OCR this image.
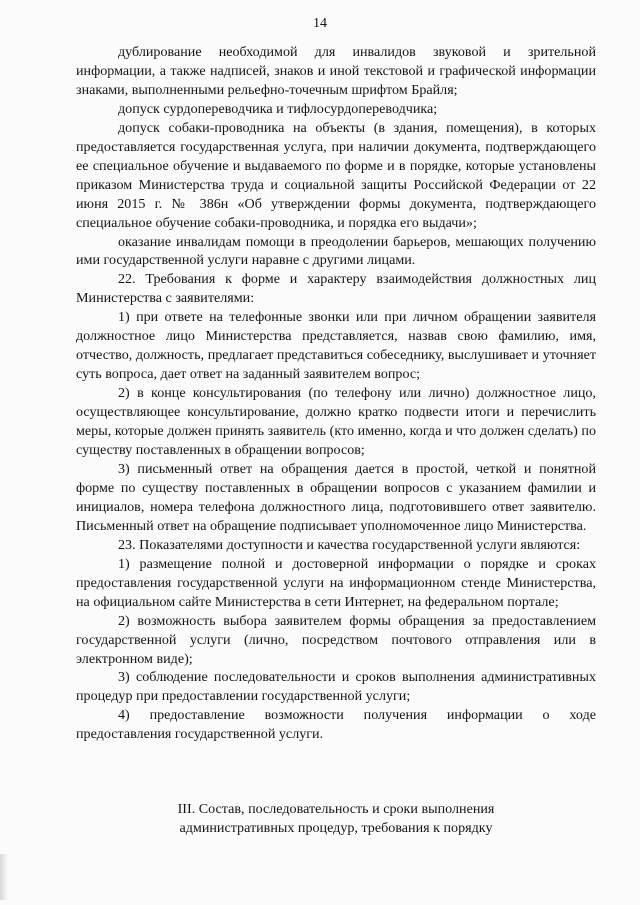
14

дублирование необходимой для инвалидов звуковой и зрительной информации, а также надписей, знаков и иной текстовой и графической информации знаками, выполненными рельефно-точечным шрифтом Брайля;

допуск сурдопереводчика и тифлосурдопереводчика;

допуск собаки-проводника на объекты (в здания, помещения), в которых предоставляется государственная услуга, при наличии документа, подтверждающего ее специальное обучение и выдаваемого по форме и в порядке, которые установлены приказом Министерства труда и социальной защиты Российской Федерации от 22 июня 2015 г. № 386н «Об утверждении формы документа, подтверждающего специальное обучение собаки-проводника, и порядка его выдачи»;

оказание инвалидам помощи в преодолении барьеров, мешающих получению ими государственной услуги наравне с другими лицами.

22. Требования к форме и характеру взаимодействия должностных лиц Министерства с заявителями:

1) при ответе на телефонные звонки или при личном обращении заявителя должностное лицо Министерства представляется, назвав свою фамилию, имя, отчество, должность, предлагает представиться собеседнику, выслушивает и уточняет суть вопроса, дает ответ на заданный заявителем вопрос;

2) в конце консультирования (по телефону или лично) должностное лицо, осуществляющее консультирование, должно кратко подвести итоги и перечислить меры, которые должен принять заявитель (кто именно, когда и что должен сделать) по существу поставленных в обращении вопросов;

3) письменный ответ на обращения дается в простой, четкой и понятной форме по существу поставленных в обращении вопросов с указанием фамилии и инициалов, номера телефона должностного лица, подготовившего ответ заявителю. Письменный ответ на обращение подписывает уполномоченное лицо Министерства.

23. Показателями доступности и качества государственной услуги являются:

1) размещение полной и достоверной информации о порядке и сроках предоставления государственной услуги на информационном стенде Министерства, на официальном сайте Министерства в сети Интернет, на федеральном портале;

2) возможность выбора заявителем формы обращения за предоставлением государственной услуги (лично, посредством почтового отправления или в электронном виде);

3) соблюдение последовательности и сроков выполнения административных процедур при предоставлении государственной услуги;

4) предоставление возможности получения информации о ходе предоставления государственной услуги.

III. Состав, последовательность и сроки выполнения
административных процедур, требования к порядку
